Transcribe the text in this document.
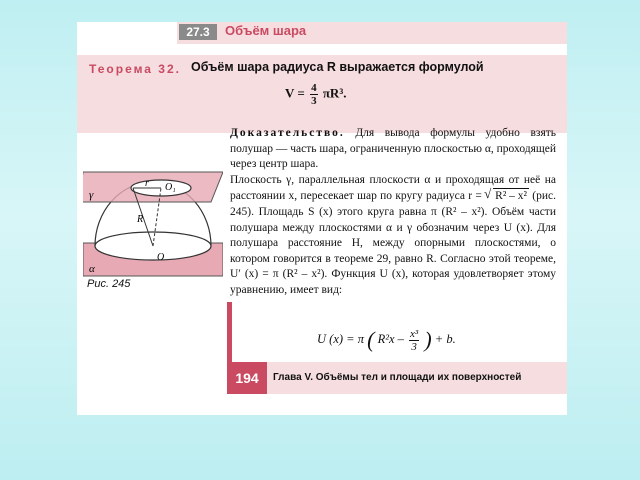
27.3	Объём шара
Теорема 32. Объём шара радиуса R выражается формулой
$V = \frac{4}{3} \pi R^3$.

Доказательство. Для вывода формулы удобно взять полушар — часть шара, ограниченную плоскостью α, проходящей через центр шара.

Плоскость γ, параллельная плоскости α и проходящая от неё на расстоянии x, пересекает шар по кругу радиуса r = √ R² – x² (рис. 245). Площадь S (x) этого круга равна π (R² – x²). Объём части полушара между плоскостями α и γ обозначим через U (x). Для полушара расстояние H, между опорными плоскостями, о котором говорится в теореме 29, равно R. Согласно этой теореме, U′ (x) = π (R² – x²). Функция U (x), которая удовлетворяет этому уравнению, имеет вид:

U (x) = π ( $R^2x - \frac{\text{x³}}{3}$ ) + b.
r O₁
γ
R
O
α
Рис. 245
194	Глава V. Объёмы тел и площади их поверхностей
